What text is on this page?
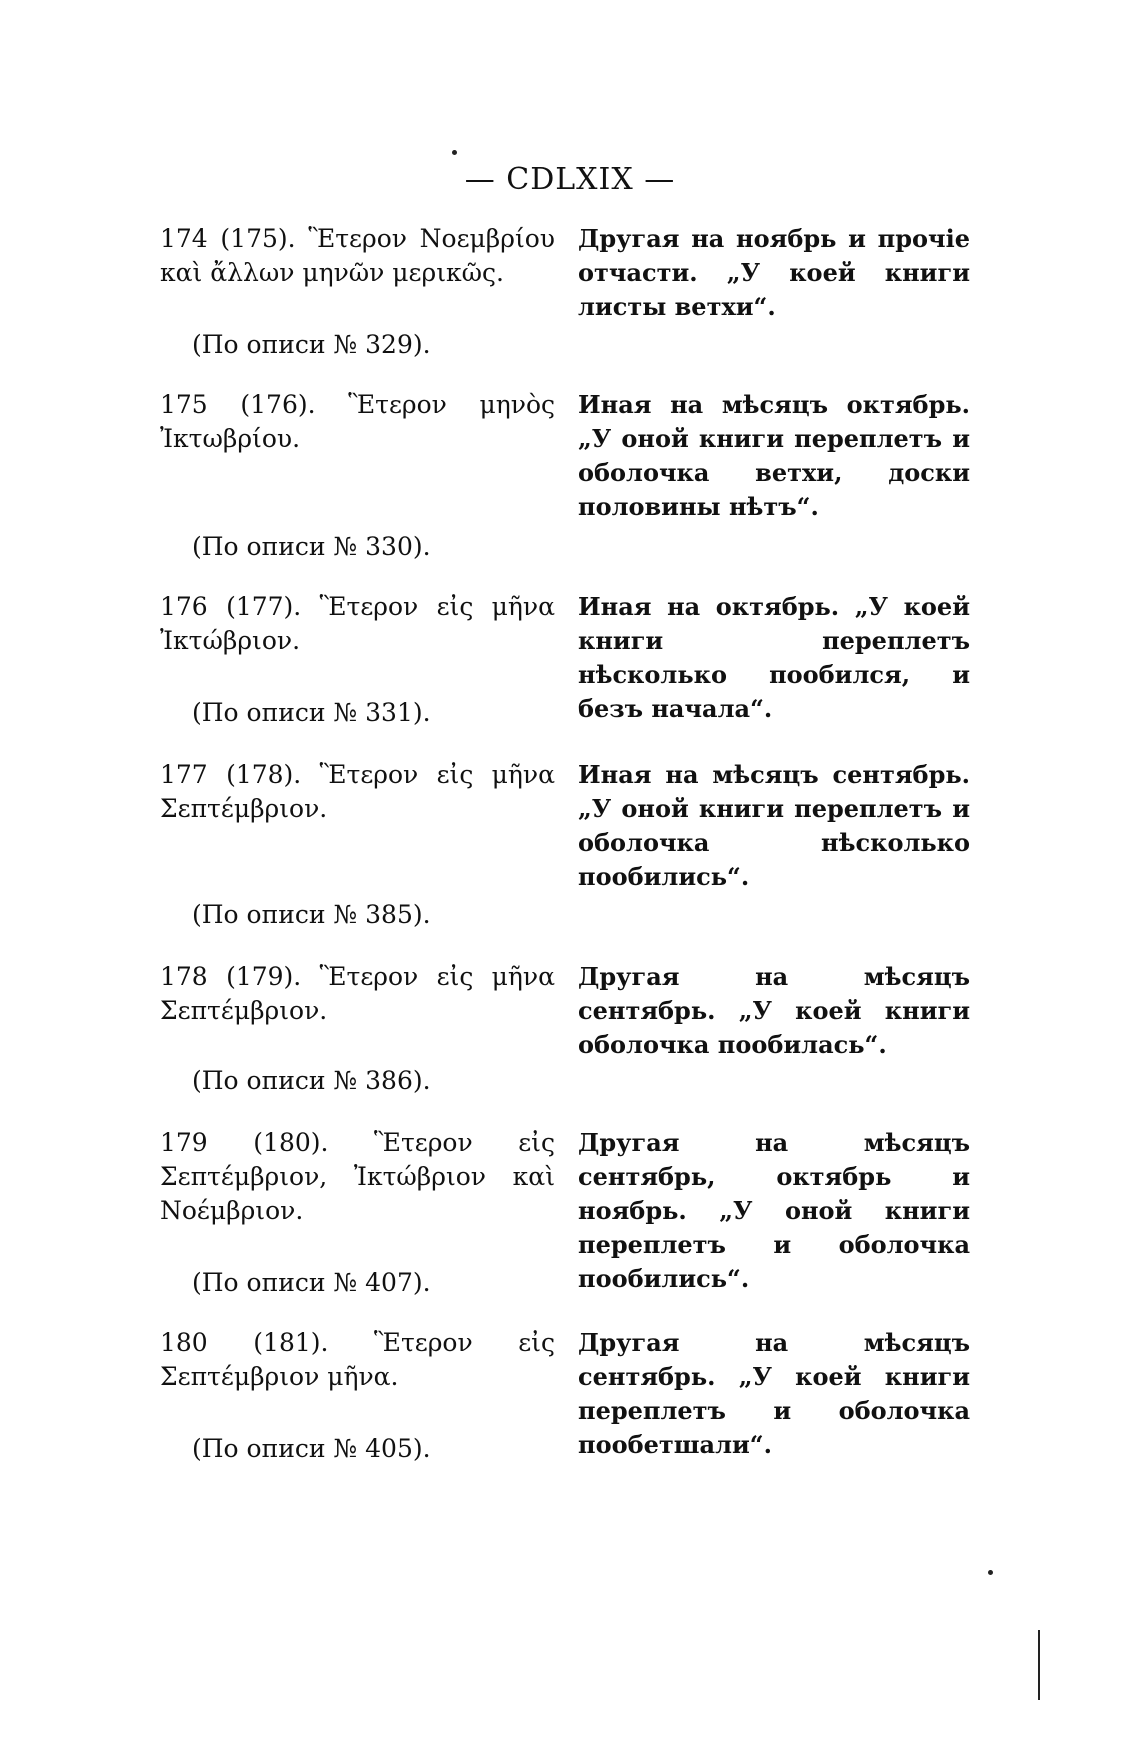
— CDLXIX —
174 (175). Ἓτερον Νοεμβρίου καὶ ἄλλων μηνῶν μερικῶς.
Другая на ноябрь и прочіе отчасти. „У коей книги листы ветхи“.
(По описи № 329).
175 (176). Ἓτερον μηνὸς Ἰκτωβρίου.
Иная на мѣсяцъ октябрь. „У оной книги переплетъ и оболочка ветхи, доски половины нѣтъ“.
(По описи № 330).
176 (177). Ἓτερον εἰς μῆνα Ἰκτώβριον.
Иная на октябрь. „У коей книги переплетъ нѣсколько пообился, и безъ начала“.
(По описи № 331).
177 (178). Ἓτερον εἰς μῆνα Σεπτέμβριον.
Иная на мѣсяцъ сентябрь. „У оной книги переплетъ и оболочка нѣсколько пообились“.
(По описи № 385).
178 (179). Ἓτερον εἰς μῆνα Σεπτέμβριον.
Другая на мѣсяцъ сентябрь. „У коей книги оболочка пообилась“.
(По описи № 386).
179 (180). Ἓτερον εἰς Σεπτέμβριον, Ἰκτώβριον καὶ Νοέμβριον.
Другая на мѣсяцъ сентябрь, октябрь и ноябрь. „У оной книги переплетъ и оболочка пообились“.
(По описи № 407).
180 (181). Ἓτερον εἰς Σεπτέμβριον μῆνα.
Другая на мѣсяцъ сентябрь. „У коей книги переплетъ и оболочка пообетшали“.
(По описи № 405).
